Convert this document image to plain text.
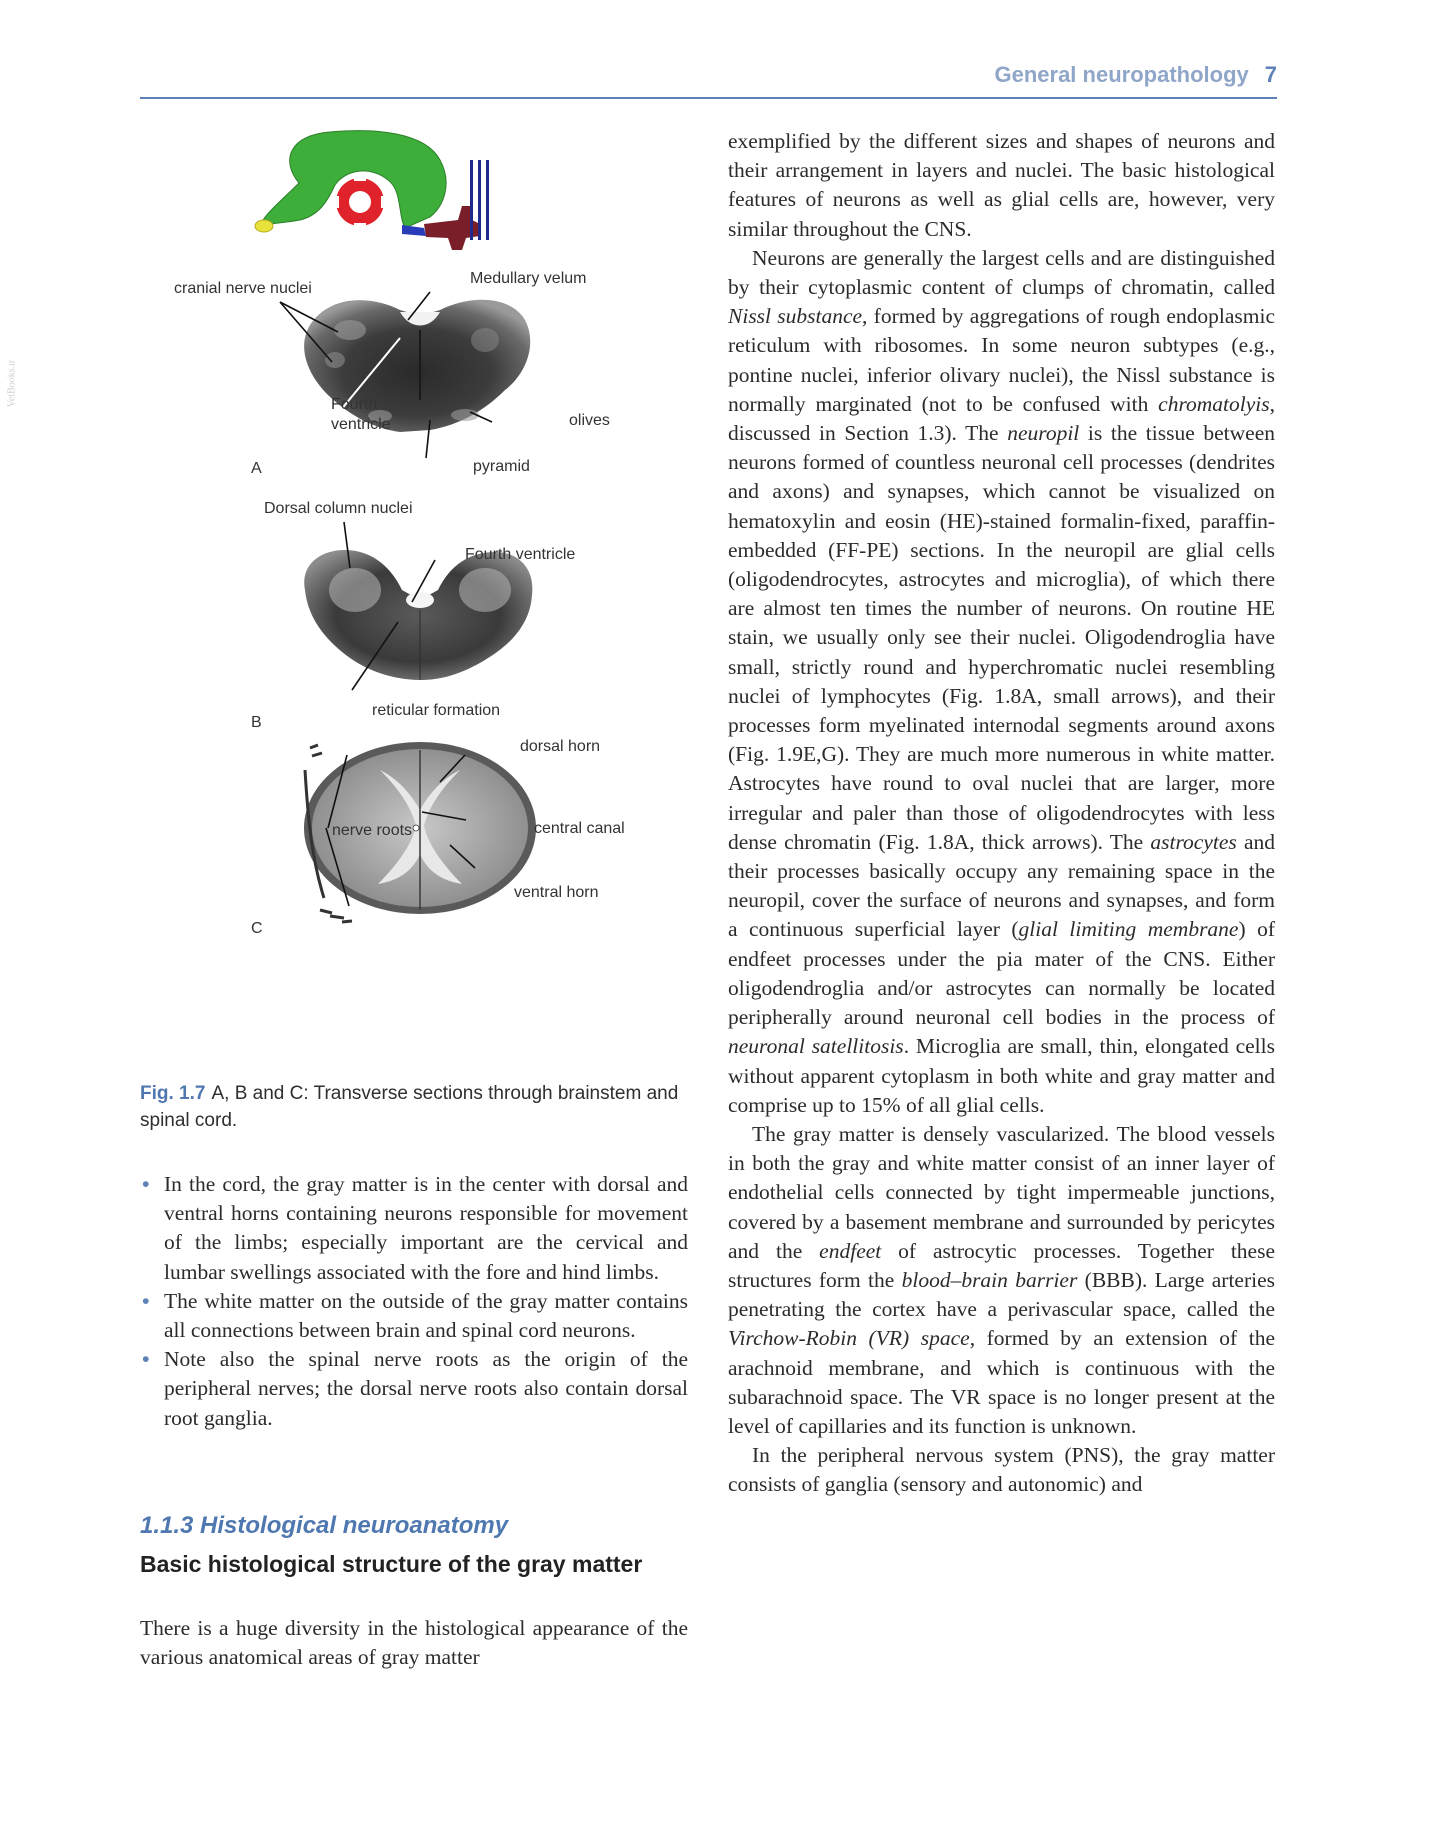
VetBooks.ir
General neuropathology 7
cranial nerve nuclei
Medullary velum
Fourth
ventricle	olives
pyramid
A
Dorsal column nuclei
Fourth ventricle
reticular formation
B
dorsal horn
nerve roots	central canal
ventral horn
C
Fig. 1.7 A, B and C: Transverse sections through brainstem and spinal cord.
• In the cord, the gray matter is in the center with dorsal and ventral horns containing neurons responsible for movement of the limbs; especially important are the cervical and lumbar swellings associated with the fore and hind limbs.
• The white matter on the outside of the gray matter contains all connections between brain and spinal cord neurons.
• Note also the spinal nerve roots as the origin of the peripheral nerves; the dorsal nerve roots also contain dorsal root ganglia.
1.1.3 Histological neuroanatomy
Basic histological structure of the gray matter

There is a huge diversity in the histological appearance of the various anatomical areas of gray matter

exemplified by the different sizes and shapes of neurons and their arrangement in layers and nuclei. The basic histological features of neurons as well as glial cells are, however, very similar throughout the CNS.

Neurons are generally the largest cells and are distinguished by their cytoplasmic content of clumps of chromatin, called Nissl substance, formed by aggregations of rough endoplasmic reticulum with ribosomes. In some neuron subtypes (e.g., pontine nuclei, inferior olivary nuclei), the Nissl substance is normally marginated (not to be confused with chromatolyis, discussed in Section 1.3). The neuropil is the tissue between neurons formed of countless neuronal cell processes (dendrites and axons) and synapses, which cannot be visualized on hematoxylin and eosin (HE)-stained formalin-fixed, paraffin-embedded (FF-PE) sections. In the neuropil are glial cells (oligodendrocytes, astrocytes and microglia), of which there are almost ten times the number of neurons. On routine HE stain, we usually only see their nuclei. Oligodendroglia have small, strictly round and hyperchromatic nuclei resembling nuclei of lymphocytes (Fig. 1.8A, small arrows), and their processes form myelinated internodal segments around axons (Fig. 1.9E,G). They are much more numerous in white matter. Astrocytes have round to oval nuclei that are larger, more irregular and paler than those of oligodendrocytes with less dense chromatin (Fig. 1.8A, thick arrows). The astrocytes and their processes basically occupy any remaining space in the neuropil, cover the surface of neurons and synapses, and form a continuous superficial layer (glial limiting membrane) of endfeet processes under the pia mater of the CNS. Either oligodendroglia and/or astrocytes can normally be located peripherally around neuronal cell bodies in the process of neuronal satellitosis. Microglia are small, thin, elongated cells without apparent cytoplasm in both white and gray matter and comprise up to 15% of all glial cells.

The gray matter is densely vascularized. The blood vessels in both the gray and white matter consist of an inner layer of endothelial cells connected by tight impermeable junctions, covered by a basement membrane and surrounded by pericytes and the endfeet of astrocytic processes. Together these structures form the blood–brain barrier (BBB). Large arteries penetrating the cortex have a perivascular space, called the Virchow-Robin (VR) space, formed by an extension of the arachnoid membrane, and which is continuous with the subarachnoid space. The VR space is no longer present at the level of capillaries and its function is unknown.

In the peripheral nervous system (PNS), the gray matter consists of ganglia (sensory and autonomic) and
